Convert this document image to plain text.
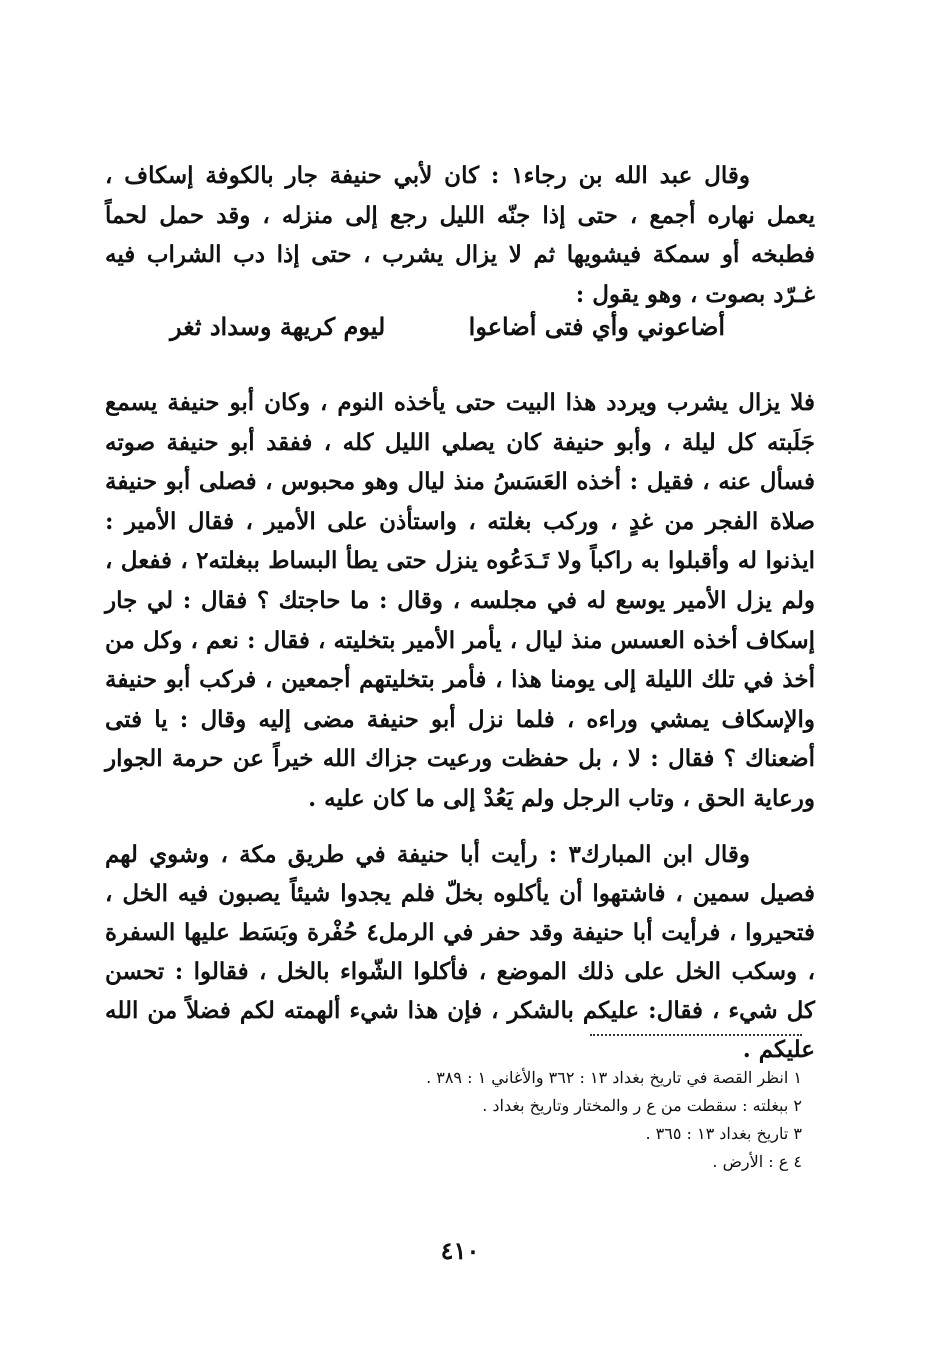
وقال عبد الله بن رجاء١ : كان لأبي حنيفة جار بالكوفة إسكاف ، يعمل نهاره أجمع ، حتى إذا جنّه الليل رجع إلى منزله ، وقد حمل لحماً فطبخه أو سمكة فيشويها ثم لا يزال يشرب ، حتى إذا دب الشراب فيه غـرّد بصوت ، وهو يقول :

أضاعوني وأي فتى أضاعوا
ليوم كريهة وسداد ثغر

فلا يزال يشرب ويردد هذا البيت حتى يأخذه النوم ، وكان أبو حنيفة يسمع جَلَبته كل ليلة ، وأبو حنيفة كان يصلي الليل كله ، ففقد أبو حنيفة صوته فسأل عنه ، فقيل : أخذه العَسَسُ منذ ليال وهو محبوس ، فصلى أبو حنيفة صلاة الفجر من غدٍ ، وركب بغلته ، واستأذن على الأمير ، فقال الأمير : ايذنوا له وأقبلوا به راكباً ولا تَـدَعُوه ينزل حتى يطأ البساط ببغلته٢ ، ففعل ، ولم يزل الأمير يوسع له في مجلسه ، وقال : ما حاجتك ؟ فقال : لي جار إسكاف أخذه العسس منذ ليال ، يأمر الأمير بتخليته ، فقال : نعم ، وكل من أخذ في تلك الليلة إلى يومنا هذا ، فأمر بتخليتهم أجمعين ، فركب أبو حنيفة والإسكاف يمشي وراءه ، فلما نزل أبو حنيفة مضى إليه وقال : يا فتى أضعناك ؟ فقال : لا ، بل حفظت ورعيت جزاك الله خيراً عن حرمة الجوار ورعاية الحق ، وتاب الرجل ولم يَعُدْ إلى ما كان عليه .

وقال ابن المبارك٣ : رأيت أبا حنيفة في طريق مكة ، وشوي لهم فصيل سمين ، فاشتهوا أن يأكلوه بخلّ فلم يجدوا شيئاً يصبون فيه الخل ، فتحيروا ، فرأيت أبا حنيفة وقد حفر في الرمل٤ حُفْرة وبَسَط عليها السفرة ، وسكب الخل على ذلك الموضع ، فأكلوا الشّواء بالخل ، فقالوا : تحسن كل شيء ، فقال: عليكم بالشكر ، فإن هذا شيء ألهمته لكم فضلاً من الله عليكم .

١ انظر القصة في تاريخ بغداد ١٣ : ٣٦٢ والأغاني ١ : ٣٨٩ .
٢ ببغلته : سقطت من ع ر والمختار وتاريخ بغداد .
٣ تاريخ بغداد ١٣ : ٣٦٥ .
٤ ع : الأرض .
٤١٠
